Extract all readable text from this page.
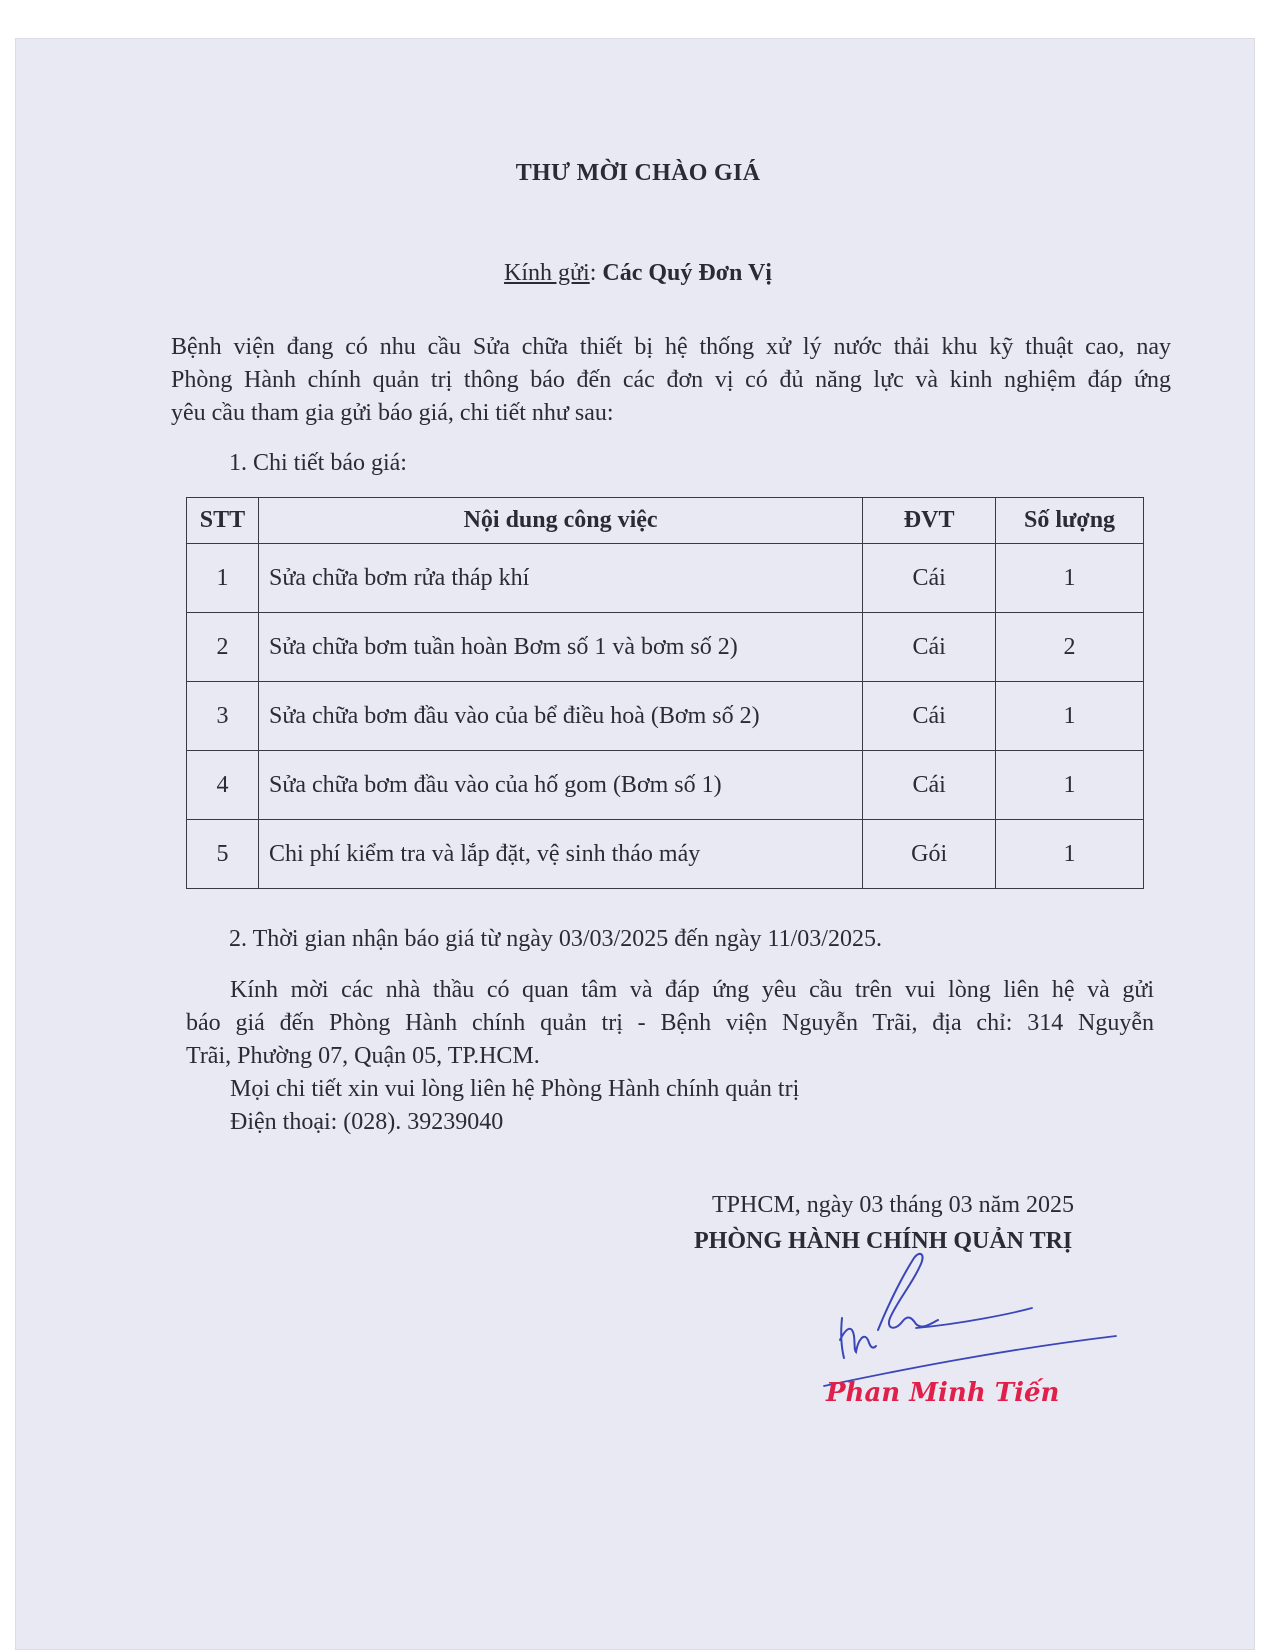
THƯ MỜI CHÀO GIÁ
Kính gửi: Các Quý Đơn Vị
Bệnh viện đang có nhu cầu Sửa chữa thiết bị hệ thống xử lý nước thải khu kỹ thuật cao, nay
Phòng Hành chính quản trị thông báo đến các đơn vị có đủ năng lực và kinh nghiệm đáp ứng
yêu cầu tham gia gửi báo giá, chi tiết như sau:
1. Chi tiết báo giá:
STT	Nội dung công việc	ĐVT	Số lượng
1	Sửa chữa bơm rửa tháp khí	Cái	1
2	Sửa chữa bơm tuần hoàn Bơm số 1 và bơm số 2)	Cái	2
3	Sửa chữa bơm đầu vào của bể điều hoà (Bơm số 2)	Cái	1
4	Sửa chữa bơm đầu vào của hố gom (Bơm số 1)	Cái	1
5	Chi phí kiểm tra và lắp đặt, vệ sinh tháo máy	Gói	1
2. Thời gian nhận báo giá từ ngày 03/03/2025 đến ngày 11/03/2025.
Kính mời các nhà thầu có quan tâm và đáp ứng yêu cầu trên vui lòng liên hệ và gửi
báo giá đến Phòng Hành chính quản trị - Bệnh viện Nguyễn Trãi, địa chỉ: 314 Nguyễn
Trãi, Phường 07, Quận 05, TP.HCM.
Mọi chi tiết xin vui lòng liên hệ Phòng Hành chính quản trị
Điện thoại: (028). 39239040
TPHCM, ngày 03 tháng 03 năm 2025
PHÒNG HÀNH CHÍNH QUẢN TRỊ
Phan Minh Tiến
